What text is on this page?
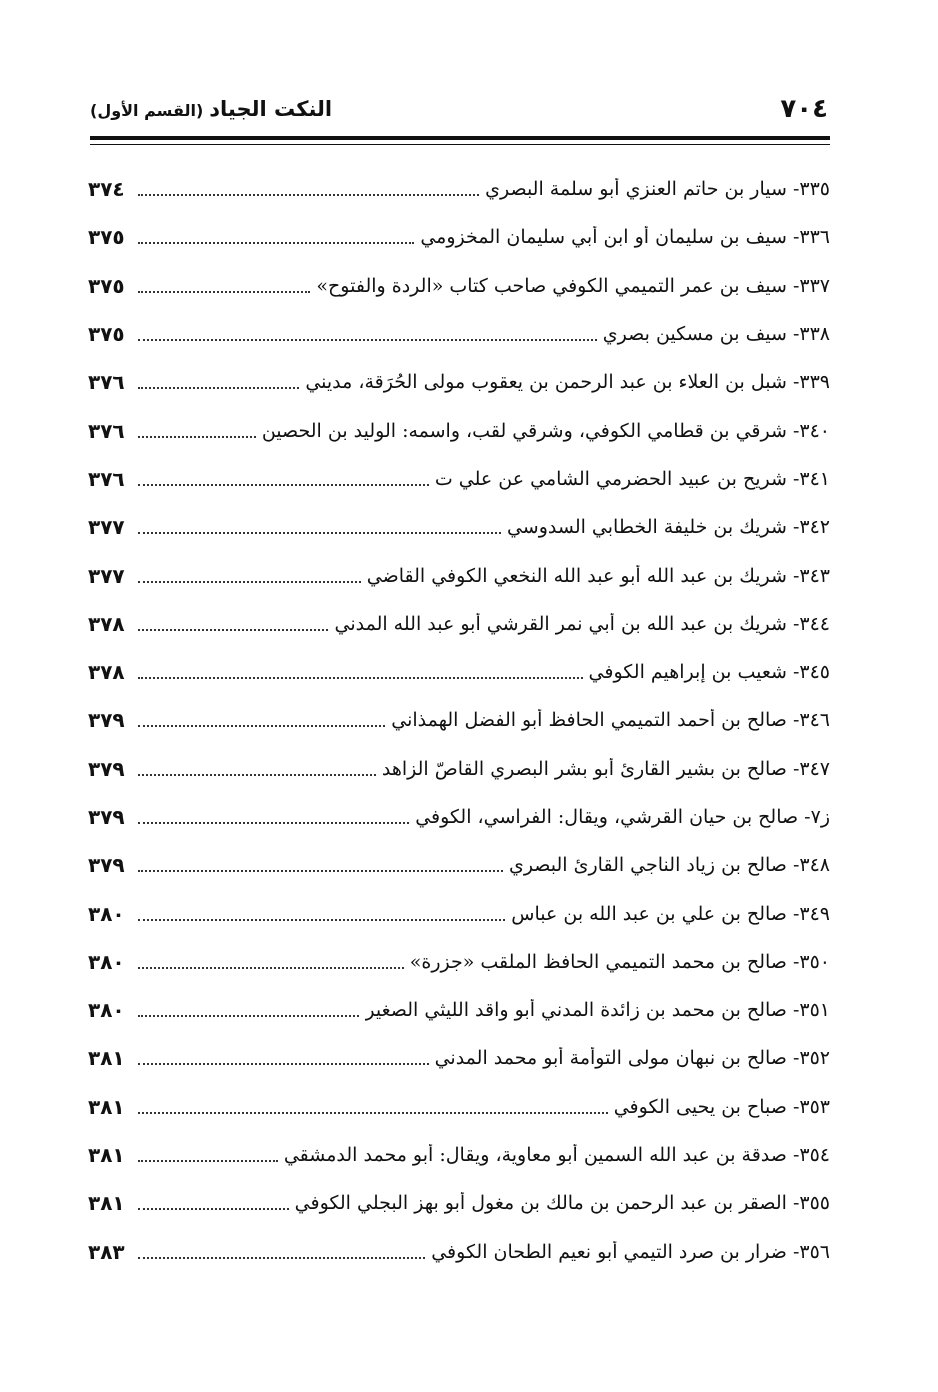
٧٠٤
النكت الجياد
(القسم الأول)
٣٣٥- سيار بن حاتم العنزي أبو سلمة البصري
٣٧٤
٣٣٦- سيف بن سليمان أو ابن أبي سليمان المخزومي
٣٧٥
٣٣٧- سيف بن عمر التميمي الكوفي صاحب كتاب «الردة والفتوح»
٣٧٥
٣٣٨- سيف بن مسكين بصري
٣٧٥
٣٣٩- شبل بن العلاء بن عبد الرحمن بن يعقوب مولى الحُرَقة، مديني
٣٧٦
٣٤٠- شرقي بن قطامي الكوفي، وشرقي لقب، واسمه: الوليد بن الحصين
٣٧٦
٣٤١- شريح بن عبيد الحضرمي الشامي عن علي ت
٣٧٦
٣٤٢- شريك بن خليفة الخطابي السدوسي
٣٧٧
٣٤٣- شريك بن عبد الله أبو عبد الله النخعي الكوفي القاضي
٣٧٧
٣٤٤- شريك بن عبد الله بن أبي نمر القرشي أبو عبد الله المدني
٣٧٨
٣٤٥- شعيب بن إبراهيم الكوفي
٣٧٨
٣٤٦- صالح بن أحمد التميمي الحافظ أبو الفضل الهمذاني
٣٧٩
٣٤٧- صالح بن بشير القارئ أبو بشر البصري القاصّ الزاهد
٣٧٩
ز٧- صالح بن حيان القرشي، ويقال: الفراسي، الكوفي
٣٧٩
٣٤٨- صالح بن زياد الناجي القارئ البصري
٣٧٩
٣٤٩- صالح بن علي بن عبد الله بن عباس
٣٨٠
٣٥٠- صالح بن محمد التميمي الحافظ الملقب «جزرة»
٣٨٠
٣٥١- صالح بن محمد بن زائدة المدني أبو واقد الليثي الصغير
٣٨٠
٣٥٢- صالح بن نبهان مولى التوأمة أبو محمد المدني
٣٨١
٣٥٣- صباح بن يحيى الكوفي
٣٨١
٣٥٤- صدقة بن عبد الله السمين أبو معاوية، ويقال: أبو محمد الدمشقي
٣٨١
٣٥٥- الصقر بن عبد الرحمن بن مالك بن مغول أبو بهز البجلي الكوفي
٣٨١
٣٥٦- ضرار بن صرد التيمي أبو نعيم الطحان الكوفي
٣٨٣
